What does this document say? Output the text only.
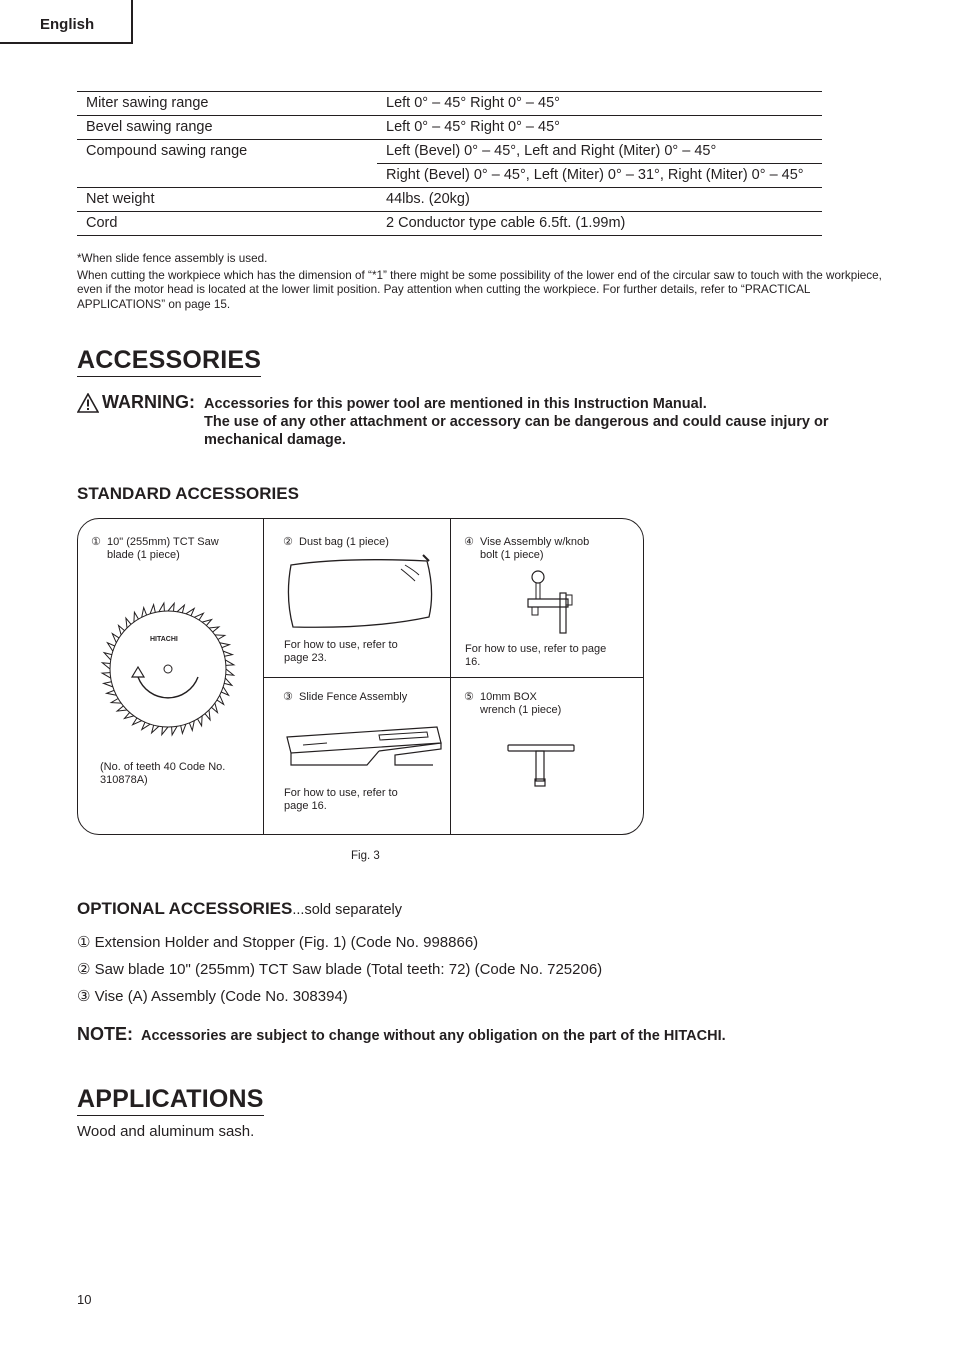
English
Miter sawing range	Left 0° – 45° Right 0° – 45°
Bevel sawing range	Left 0° – 45° Right 0° – 45°
Compound sawing range	Left (Bevel) 0° – 45°, Left and Right (Miter) 0° – 45°
	Right (Bevel) 0° – 45°, Left (Miter) 0° – 31°, Right (Miter) 0° – 45°
Net weight	44lbs. (20kg)
Cord	2 Conductor type cable 6.5ft. (1.99m)

*When slide fence assembly is used.

When cutting the workpiece which has the dimension of “*1” there might be some possibility of the lower end of the circular saw to touch with the workpiece, even if the motor head is located at the lower limit position. Pay attention when cutting the workpiece. For further details, refer to “PRACTICAL APPLICATIONS” on page 15.

ACCESSORIES
WARNING: Accessories for this power tool are mentioned in this Instruction Manual.
The use of any other attachment or accessory can be dangerous and could cause injury or mechanical damage.
STANDARD ACCESSORIES
① 10" (255mm) TCT Saw
blade (1 piece)
HITACHI
(No. of teeth 40 Code No.
310878A)
② Dust bag (1 piece)
For how to use, refer to
page 23.
③ Slide Fence Assembly
For how to use, refer to
page 16.
④ Vise Assembly w/knob
bolt (1 piece)
For how to use, refer to page
16.
⑤ 10mm BOX
wrench (1 piece)
Fig. 3
OPTIONAL ACCESSORIES...sold separately
① Extension Holder and Stopper (Fig. 1) (Code No. 998866)
② Saw blade 10" (255mm) TCT Saw blade (Total teeth: 72) (Code No. 725206)
③ Vise (A) Assembly (Code No. 308394)
NOTE: Accessories are subject to change without any obligation on the part of the HITACHI.
APPLICATIONS
Wood and aluminum sash.
10
